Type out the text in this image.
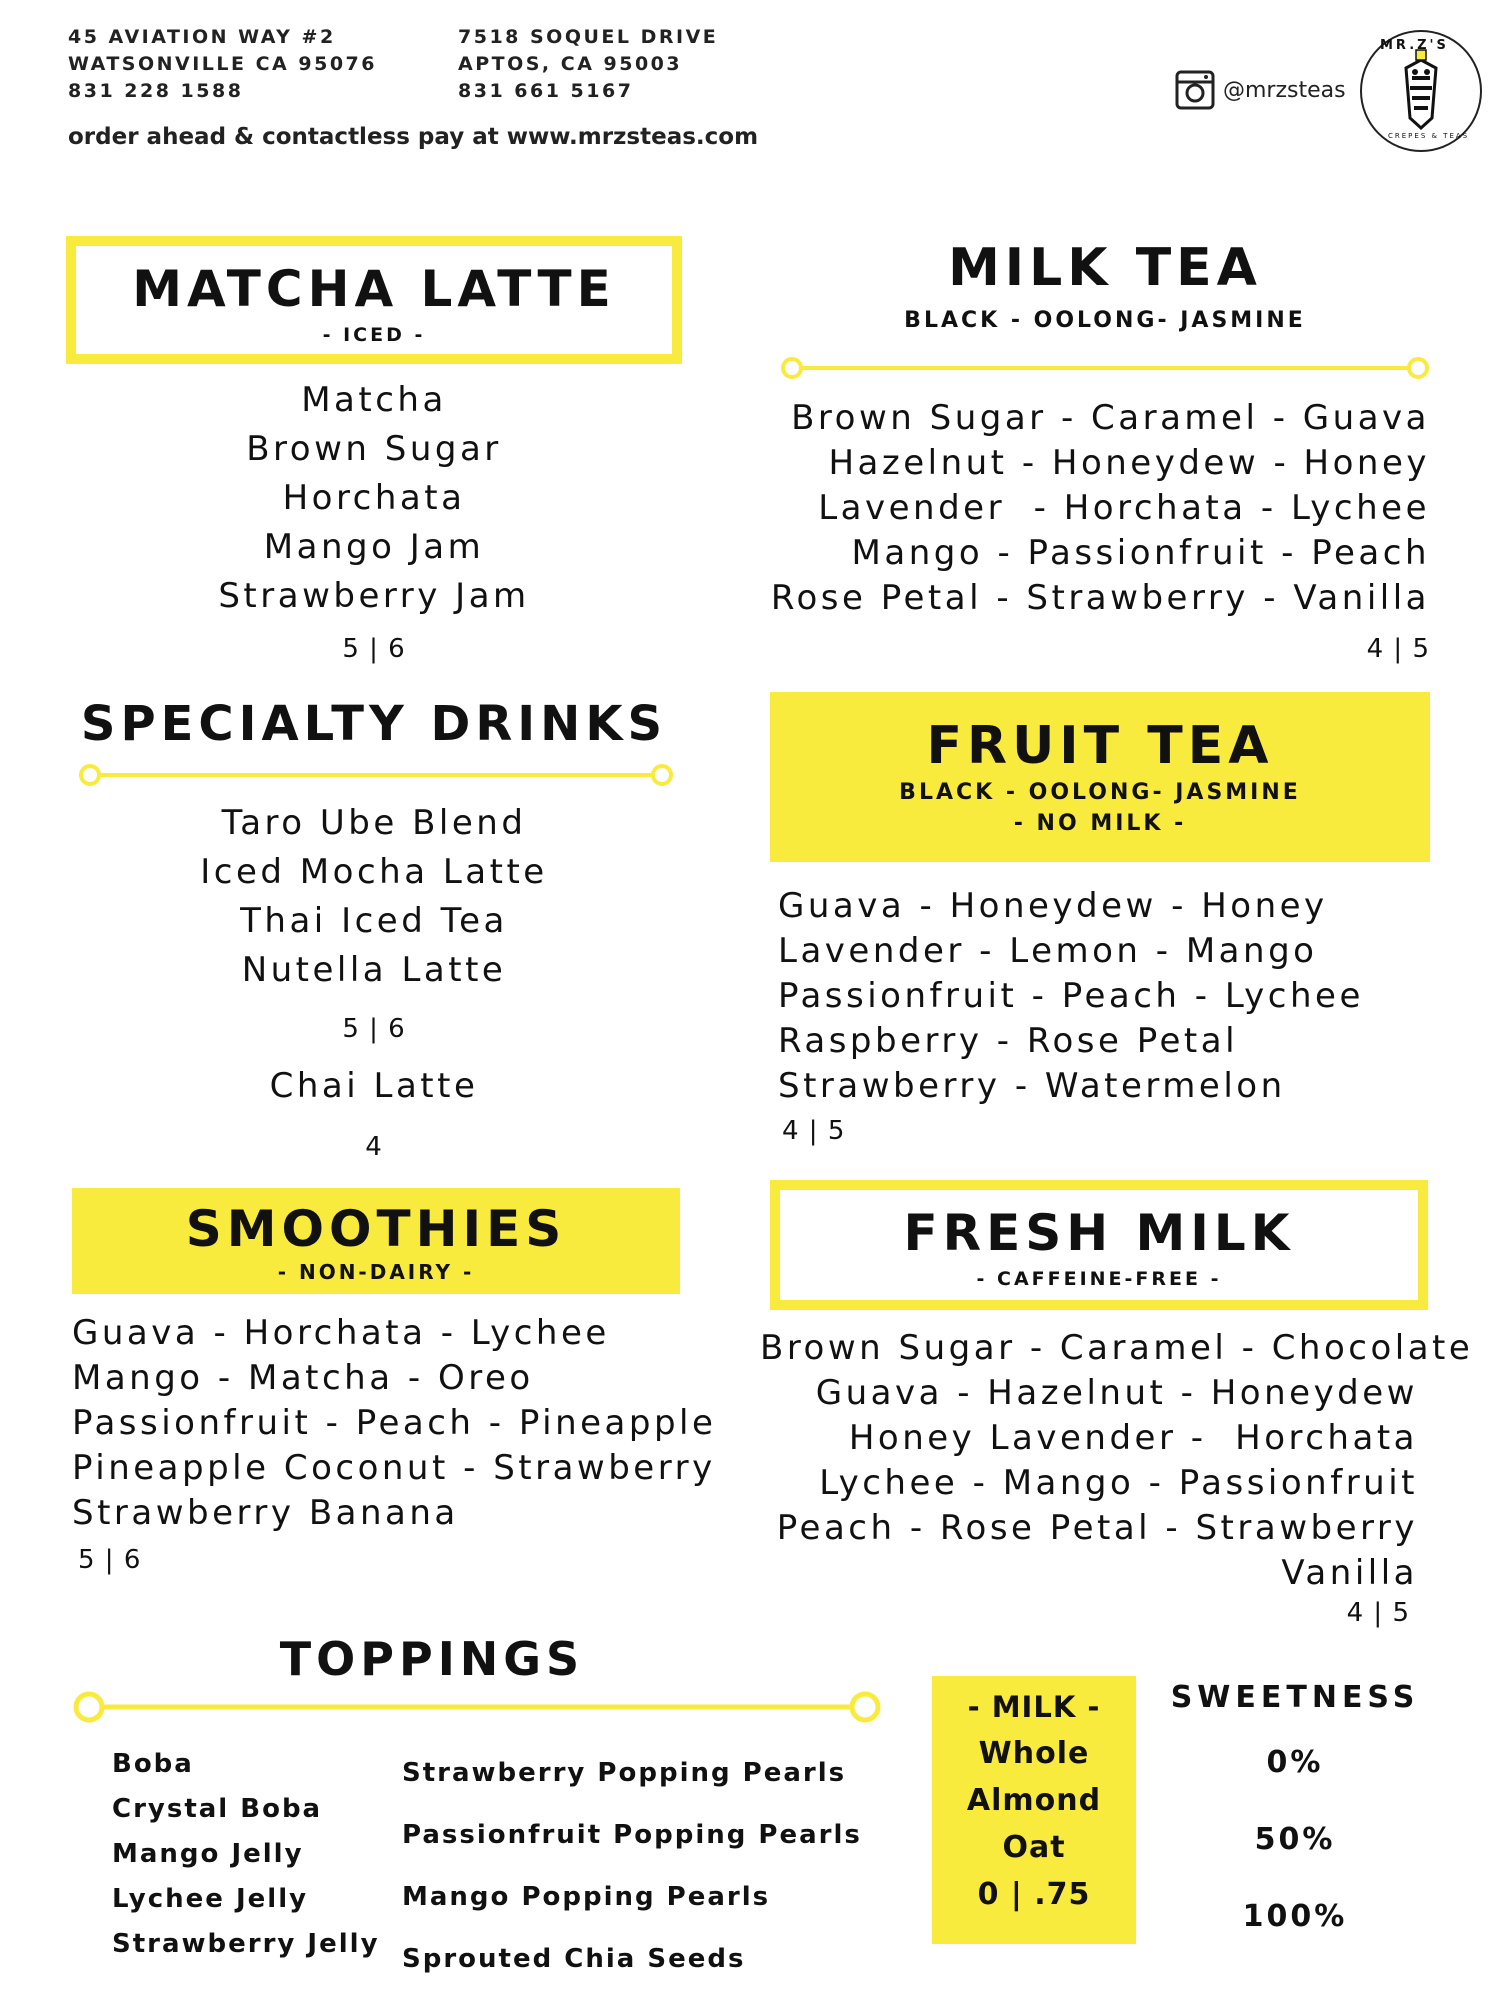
45 AVIATION WAY #2
WATSONVILLE CA 95076
831 228 1588
7518 SOQUEL DRIVE
APTOS, CA 95003
831 661 5167
order ahead & contactless pay at www.mrzsteas.com
@mrzsteas
MR.Z'S
CREPES & TEAS
MATCHA LATTE
- ICED -
Matcha
Brown Sugar
Horchata
Mango Jam
Strawberry Jam
5 | 6
MILK TEA
BLACK - OOLONG- JASMINE
Brown Sugar - Caramel - Guava
Hazelnut - Honeydew - Honey
Lavender  - Horchata - Lychee
Mango - Passionfruit - Peach
Rose Petal - Strawberry - Vanilla
4 | 5
SPECIALTY DRINKS
Taro Ube Blend
Iced Mocha Latte
Thai Iced Tea
Nutella Latte
5 | 6
Chai Latte
4
FRUIT TEA
BLACK - OOLONG- JASMINE
- NO MILK -
Guava - Honeydew - Honey
Lavender - Lemon - Mango
Passionfruit - Peach - Lychee
Raspberry - Rose Petal
Strawberry - Watermelon
4 | 5
SMOOTHIES
- NON-DAIRY -
Guava - Horchata - Lychee
Mango - Matcha - Oreo
Passionfruit - Peach - Pineapple
Pineapple Coconut - Strawberry
Strawberry Banana
5 | 6
FRESH MILK
- CAFFEINE-FREE -
Brown Sugar - Caramel - Chocolate
Guava - Hazelnut - Honeydew
Honey Lavender -  Horchata
Lychee - Mango - Passionfruit
Peach - Rose Petal - Strawberry
Vanilla
4 | 5
TOPPINGS
Boba
Crystal Boba
Mango Jelly
Lychee Jelly
Strawberry Jelly
Strawberry Popping Pearls
Passionfruit Popping Pearls
Mango Popping Pearls
Sprouted Chia Seeds
- MILK -
Whole
Almond
Oat
0 | .75
SWEETNESS
0%
50%
100%
